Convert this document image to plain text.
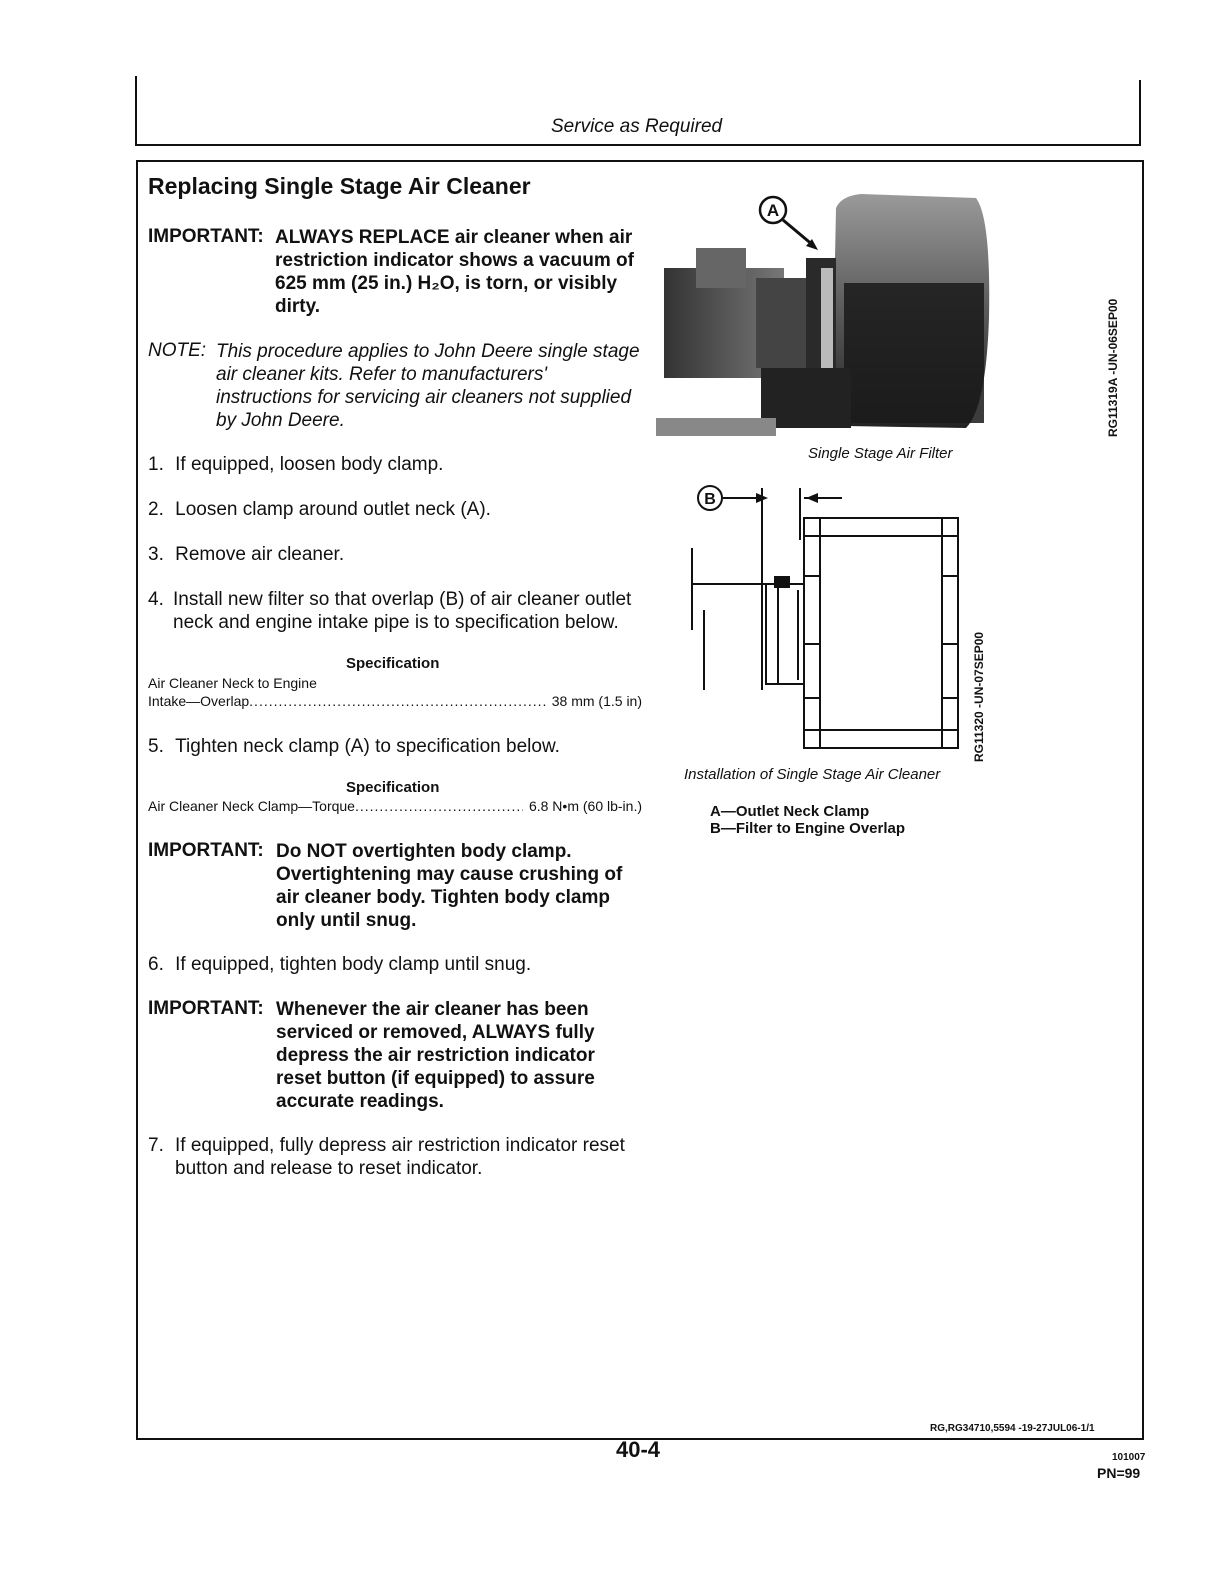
Service as Required
Replacing Single Stage Air Cleaner
IMPORTANT: ALWAYS REPLACE air cleaner when air
restriction indicator shows a vacuum of
625 mm (25 in.) H₂O, is torn, or visibly
dirty.
NOTE: This procedure applies to John Deere single stage
air cleaner kits. Refer to manufacturers'
instructions for servicing air cleaners not supplied
by John Deere.
1. If equipped, loosen body clamp.
2. Loosen clamp around outlet neck (A).
3. Remove air cleaner.
4. Install new filter so that overlap (B) of air cleaner outlet
neck and engine intake pipe is to specification below.
Specification
Air Cleaner Neck to Engine
Intake—Overlap .....	38 mm (1.5 in)
5. Tighten neck clamp (A) to specification below.
Specification
Air Cleaner Neck Clamp—Torque .....	6.8 N•m (60 lb-in.)
IMPORTANT: Do NOT overtighten body clamp.
Overtightening may cause crushing of
air cleaner body. Tighten body clamp
only until snug.
6. If equipped, tighten body clamp until snug.
IMPORTANT: Whenever the air cleaner has been
serviced or removed, ALWAYS fully
depress the air restriction indicator
reset button (if equipped) to assure
accurate readings.
7. If equipped, fully depress air restriction indicator reset
button and release to reset indicator.
A
Single Stage Air Filter
RG11319A -UN-06SEP00
B
RG11320 -UN-07SEP00
Installation of Single Stage Air Cleaner
A—Outlet Neck Clamp
B—Filter to Engine Overlap
RG,RG34710,5594 -19-27JUL06-1/1
40-4	101007
PN=99
